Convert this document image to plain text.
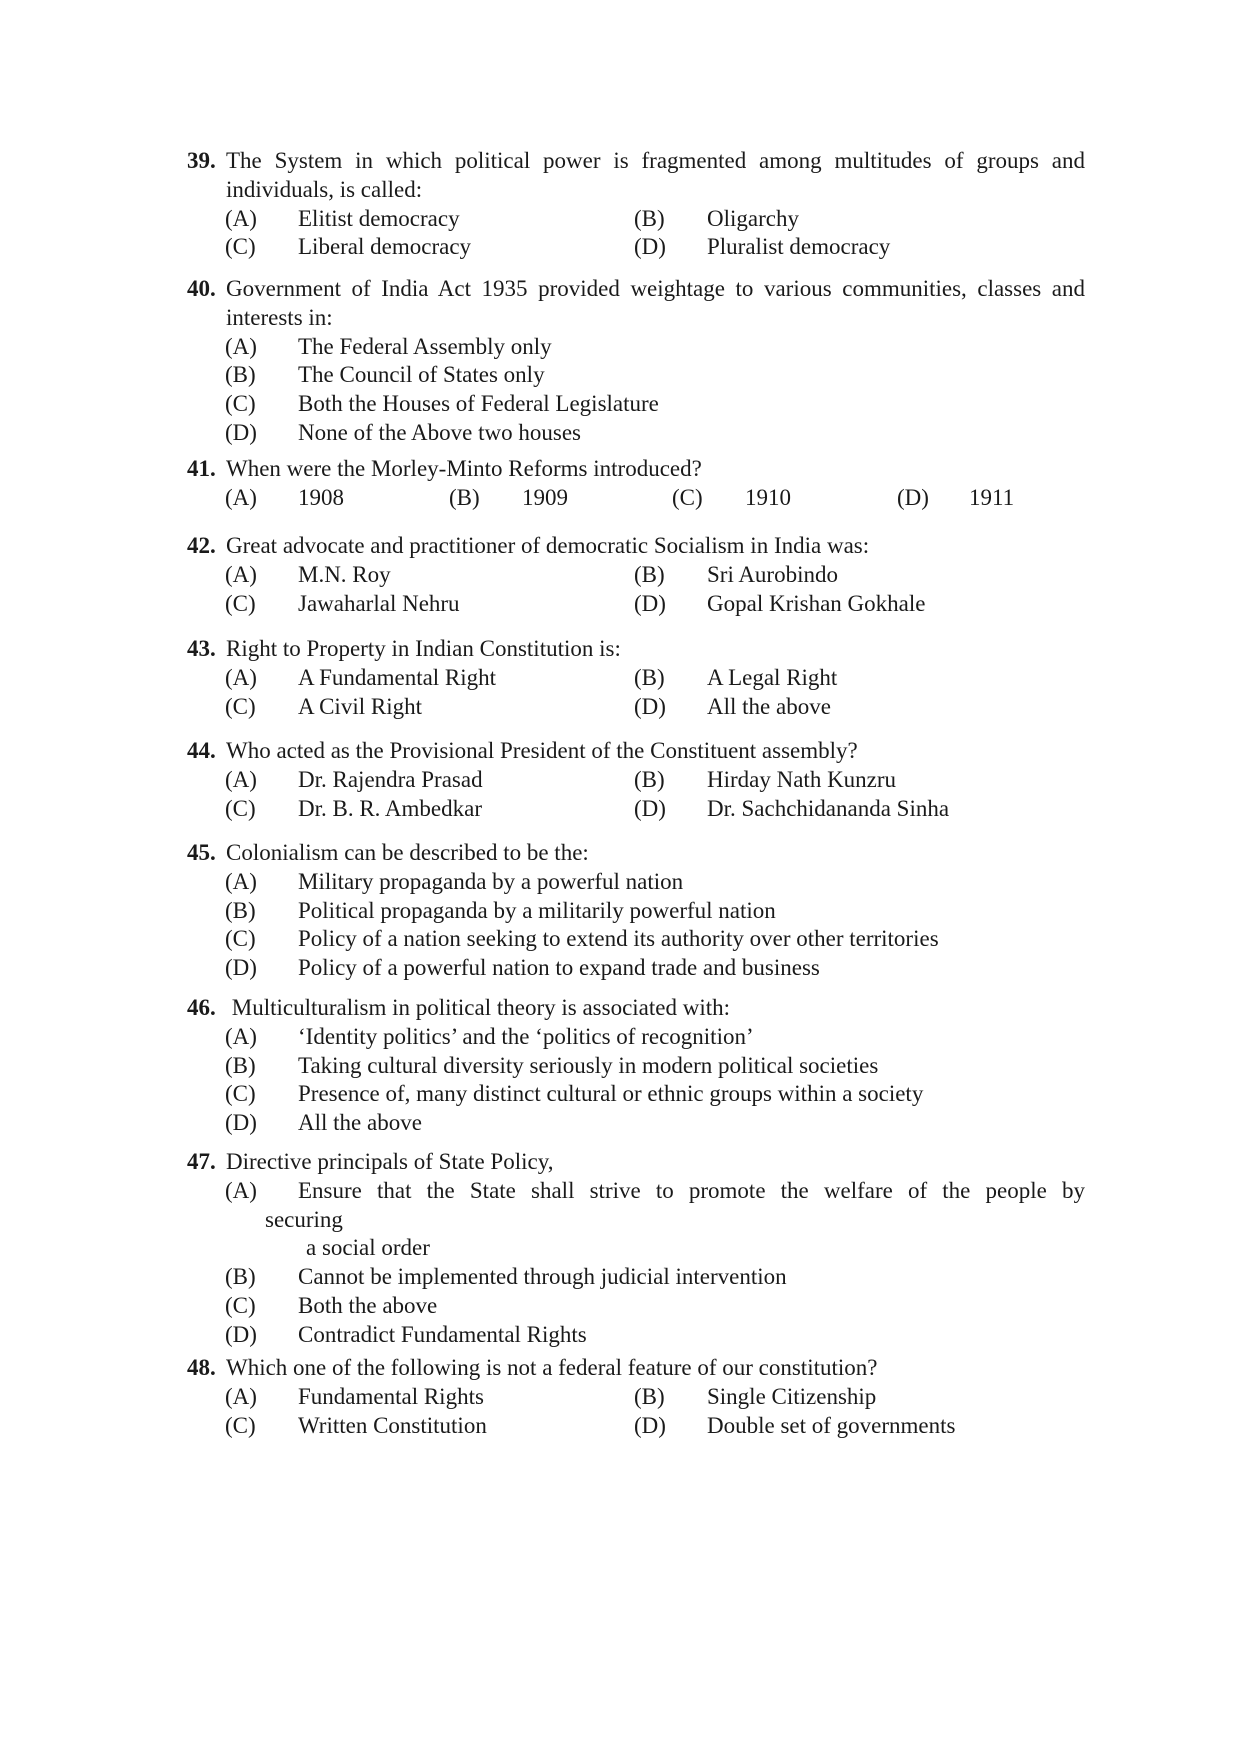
39. The System in which political power is fragmented among multitudes of groups and individuals, is called:
(A) Elitist democracy	(B) Oligarchy
(C) Liberal democracy	(D) Pluralist democracy
40. Government of India Act 1935 provided weightage to various communities, classes and interests in:
(A) The Federal Assembly only
(B) The Council of States only
(C) Both the Houses of Federal Legislature
(D) None of the Above two houses
41. When were the Morley-Minto Reforms introduced?
(A) 1908	(B) 1909	(C) 1910	(D) 1911
42. Great advocate and practitioner of democratic Socialism in India was:
(A) M.N. Roy	(B) Sri Aurobindo
(C) Jawaharlal Nehru	(D) Gopal Krishan Gokhale
43. Right to Property in Indian Constitution is:
(A) A Fundamental Right	(B) A Legal Right
(C) A Civil Right	(D) All the above
44. Who acted as the Provisional President of the Constituent assembly?
(A) Dr. Rajendra Prasad	(B) Hirday Nath Kunzru
(C) Dr. B. R. Ambedkar	(D) Dr. Sachchidananda Sinha
45. Colonialism can be described to be the:
(A) Military propaganda by a powerful nation
(B) Political propaganda by a militarily powerful nation
(C) Policy of a nation seeking to extend its authority over other territories
(D) Policy of a powerful nation to expand trade and business
46. Multiculturalism in political theory is associated with:
(A) ‘Identity politics’ and the ‘politics of recognition’
(B) Taking cultural diversity seriously in modern political societies
(C) Presence of, many distinct cultural or ethnic groups within a society
(D) All the above
47. Directive principals of State Policy,
(A)	Ensure that the State shall strive to promote the welfare of the people by
securing
a social order
(B) Cannot be implemented through judicial intervention
(C) Both the above
(D) Contradict Fundamental Rights
48. Which one of the following is not a federal feature of our constitution?
(A) Fundamental Rights	(B) Single Citizenship
(C) Written Constitution	(D) Double set of governments
